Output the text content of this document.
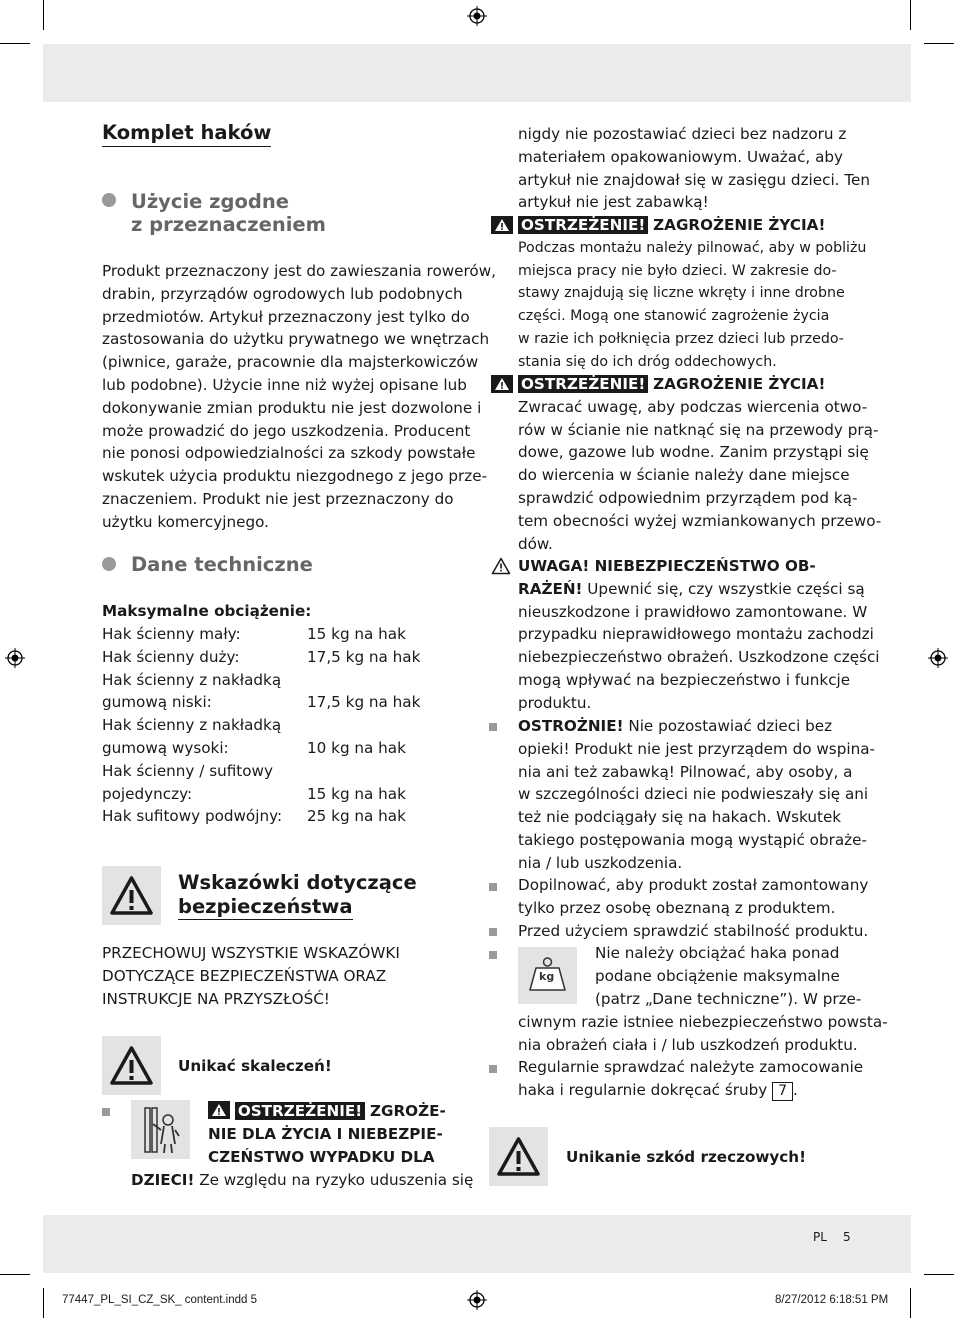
Komplet haków
Użycie zgodne
z przeznaczeniem

Produkt przeznaczony jest do zawieszania rowerów,

drabin, przyrządów ogrodowych lub podobnych

przedmiotów. Artykuł przeznaczony jest tylko do

zastosowania do użytku prywatnego we wnętrzach

(piwnice, garaże, pracownie dla majsterkowiczów

lub podobne). Użycie inne niż wyżej opisane lub

dokonywanie zmian produktu nie jest dozwolone i

może prowadzić do jego uszkodzenia. Producent

nie ponosi odpowiedzialności za szkody powstałe

wskutek użycia produktu niezgodnego z jego prze-

znaczeniem. Produkt nie jest przeznaczony do

użytku komercyjnego.

Dane techniczne
Maksymalne obciążenie:
Hak ścienny mały:	15 kg na hak
Hak ścienny duży:	17,5 kg na hak
Hak ścienny z nakładką
gumową niski:	17,5 kg na hak
Hak ścienny z nakładką
gumową wysoki:	10 kg na hak
Hak ścienny / sufitowy
pojedynczy:	15 kg na hak
Hak sufitowy podwójny: 25 kg na hak
Wskazówki dotyczące
bezpieczeństwa

PRZECHOWUJ WSZYSTKIE WSKAZÓWKI

DOTYCZĄCE BEZPIECZEŃSTWA ORAZ

INSTRUKCJE NA PRZYSZŁOŚĆ!

Unikać skaleczeń!

OSTRZEŻENIE! ZGROŻE-

NIE DLA ŻYCIA I NIEBEZPIE-

CZEŃSTWO WYPADKU DLA

DZIECI! Ze względu na ryzyko uduszenia się

nigdy nie pozostawiać dzieci bez nadzoru z

materiałem opakowaniowym. Uważać, aby

artykuł nie znajdował się w zasięgu dzieci. Ten

artykuł nie jest zabawką!

OSTRZEŻENIE! ZAGROŻENIE ŻYCIA!

Podczas montażu należy pilnować, aby w pobliżu

miejsca pracy nie było dzieci. W zakresie do-

stawy znajdują się liczne wkręty i inne drobne

części. Mogą one stanowić zagrożenie życia

w razie ich połknięcia przez dzieci lub przedo-

stania się do ich dróg oddechowych.

OSTRZEŻENIE! ZAGROŻENIE ŻYCIA!

Zwracać uwagę, aby podczas wiercenia otwo-

rów w ścianie nie natknąć się na przewody prą-

dowe, gazowe lub wodne. Zanim przystąpi się

do wiercenia w ścianie należy dane miejsce

sprawdzić odpowiednim przyrządem pod ką-

tem obecności wyżej wzmiankowanych przewo-

dów.

UWAGA! NIEBEZPIECZEŃSTWO OB-

RAŻEŃ! Upewnić się, czy wszystkie części są

nieuszkodzone i prawidłowo zamontowane. W

przypadku nieprawidłowego montażu zachodzi

niebezpieczeństwo obrażeń. Uszkodzone części

mogą wpływać na bezpieczeństwo i funkcje

produktu.

OSTROŻNIE! Nie pozostawiać dzieci bez

opieki! Produkt nie jest przyrządem do wspina-

nia ani też zabawką! Pilnować, aby osoby, a

w szczególności dzieci nie podwieszały się ani

też nie podciągały się na hakach. Wskutek

takiego postępowania mogą wystąpić obraże-

nia / lub uszkodzenia.

Dopilnować, aby produkt został zamontowany

tylko przez osobę obeznaną z produktem.

Przed użyciem sprawdzić stabilność produktu.
kg

Nie należy obciążać haka ponad

podane obciążenie maksymalne

(patrz „Dane techniczne”). W prze-

ciwnym razie istniee niebezpieczeństwo powsta-

nia obrażeń ciała i / lub uszkodzeń produktu.

Regularnie sprawdzać należyte zamocowanie

haka i regularnie dokręcać śruby 7 .

Unikanie szkód rzeczowych!
PL 5
77447_PL_SI_CZ_SK_ content.indd 5	8/27/2012 6:18:51 PM
